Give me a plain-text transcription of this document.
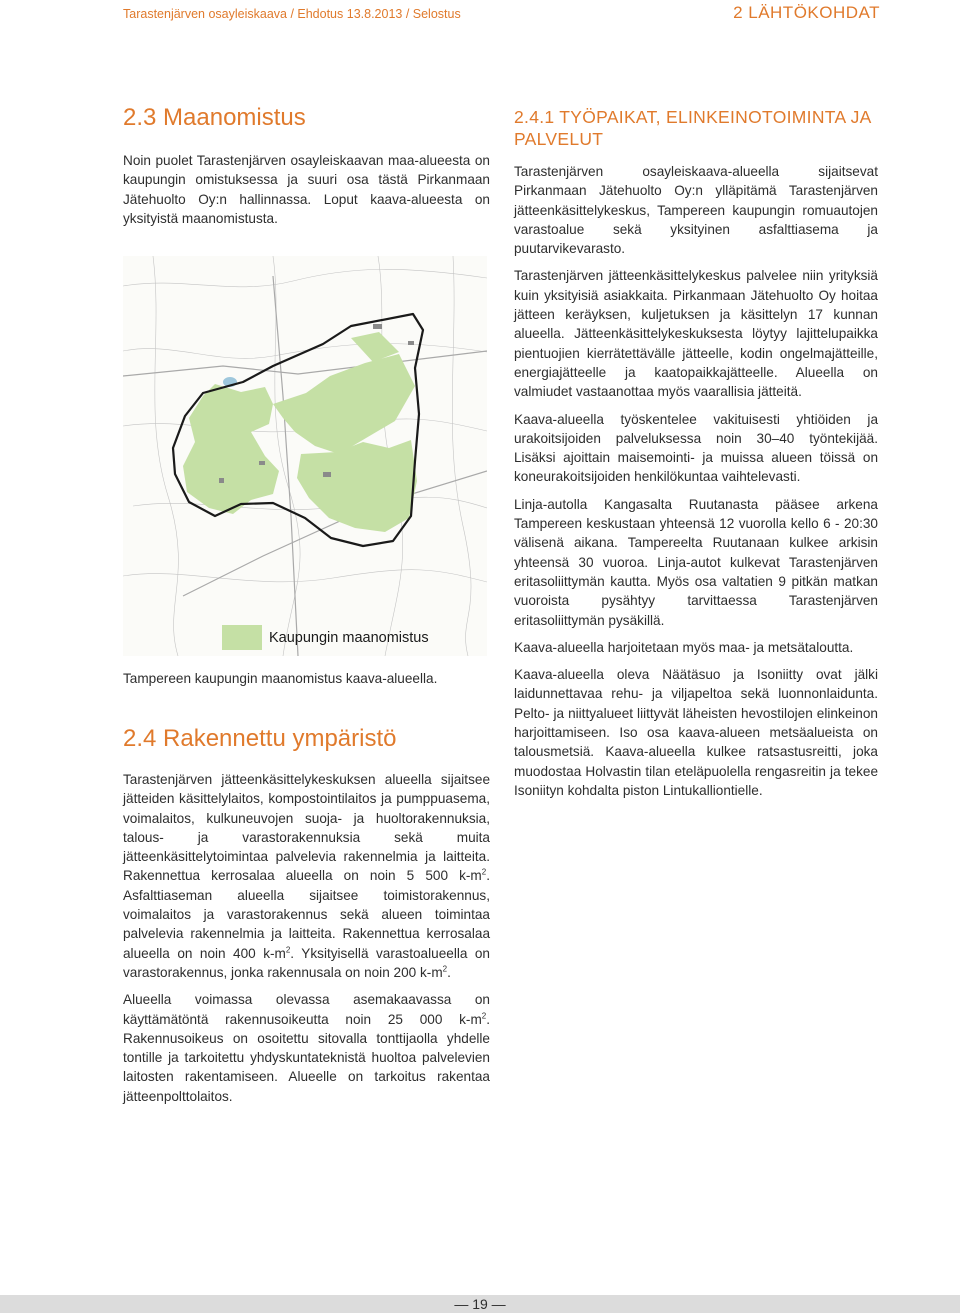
Tarastenjärven osayleiskaava / Ehdotus 13.8.2013 / Selostus	2 LÄHTÖKOHDAT
2.3 Maanomistus

Noin puolet Tarastenjärven osayleiskaavan maa-alueesta on kaupungin omistuksessa ja suuri osa tästä Pirkanmaan Jätehuolto Oy:n hallinnassa. Loput kaava-alueesta on yksityistä maanomistusta.

Kaupungin maanomistus
Tampereen kaupungin maanomistus kaava-alueella.
2.4 Rakennettu ympäristö

Tarastenjärven jätteenkäsittelykeskuksen alueella sijaitsee jätteiden käsittelylaitos, kompostointilaitos ja pumppuasema, voimalaitos, kulkuneuvojen suoja- ja huoltorakennuksia, talous- ja varastorakennuksia sekä muita jätteenkäsittelytoimintaa palvelevia rakennelmia ja laitteita. Rakennettua kerrosalaa alueella on noin 5 500 $k-m^2$. Asfalttiaseman alueella sijaitsee toimistorakennus, voimalaitos ja varastorakennus sekä alueen toimintaa palvelevia rakennelmia ja laitteita. Rakennettua kerrosalaa alueella on noin 400 $k-m^2$. Yksityisellä varastoalueella on varastorakennus, jonka rakennusala on noin 200 $k-m^2$.

Alueella voimassa olevassa asemakaavassa on käyttämätöntä rakennusoikeutta noin 25 000 $k-m^2$. Rakennusoikeus on osoitettu sitovalla tonttijaolla yhdelle tontille ja tarkoitettu yhdyskuntateknistä huoltoa palvelevien laitosten rakentamiseen. Alueelle on tarkoitus rakentaa jätteenpolttolaitos.

2.4.1 TYÖPAIKAT, ELINKEINOTOIMINTA JA PALVELUT

Tarastenjärven osayleiskaava-alueella sijaitsevat Pirkanmaan Jätehuolto Oy:n ylläpitämä Tarastenjärven jätteenkäsittelykeskus, Tampereen kaupungin romuautojen varastoalue sekä yksityinen asfalttiasema ja puutarvikevarasto.

Tarastenjärven jätteenkäsittelykeskus palvelee niin yrityksiä kuin yksityisiä asiakkaita. Pirkanmaan Jätehuolto Oy hoitaa jätteen keräyksen, kuljetuksen ja käsittelyn 17 kunnan alueella. Jätteenkäsittelykeskuksesta löytyy lajittelupaikka pientuojien kierrätettävälle jätteelle, kodin ongelmajätteille, energiajätteelle ja kaatopaikkajätteelle. Alueella on valmiudet vastaanottaa myös vaarallisia jätteitä.

Kaava-alueella työskentelee vakituisesti yhtiöiden ja urakoitsijoiden palveluksessa noin 30–40 työntekijää. Lisäksi ajoittain maisemointi- ja muissa alueen töissä on koneurakoitsijoiden henkilökuntaa vaihtelevasti.

Linja-autolla Kangasalta Ruutanasta pääsee arkena Tampereen keskustaan yhteensä 12 vuorolla kello 6 - 20:30 välisenä aikana. Tampereelta Ruutanaan kulkee arkisin yhteensä 30 vuoroa. Linja-autot kulkevat Tarastenjärven eritasoliittymän kautta. Myös osa valtatien 9 pitkän matkan vuoroista pysähtyy tarvittaessa Tarastenjärven eritasoliittymän pysäkillä.

Kaava-alueella harjoitetaan myös maa- ja metsätaloutta.

Kaava-alueella oleva Näätäsuo ja Isoniitty ovat jälki laidunnettavaa rehu- ja viljapeltoa sekä luonnonlaidunta. Pelto- ja niittyalueet liittyvät läheisten hevostilojen elinkeinon harjoittamiseen. Iso osa kaava-alueen metsäalueista on talousmetsiä. Kaava-alueella kulkee ratsastusreitti, joka muodostaa Holvastin tilan eteläpuolella rengasreitin ja tekee Isoniityn kohdalta piston Lintukalliontielle.

— 19 —
